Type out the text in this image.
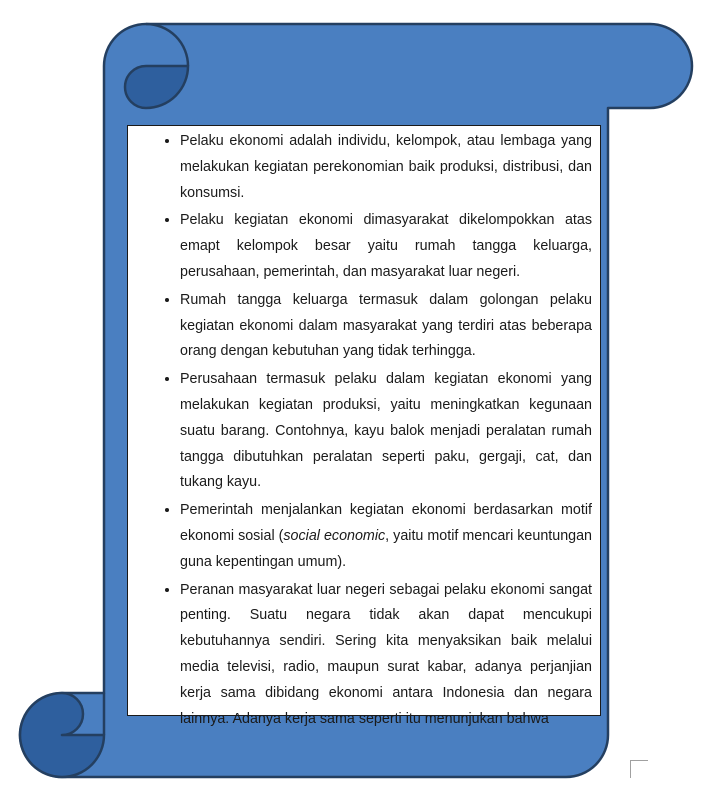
• Pelaku ekonomi adalah individu, kelompok, atau lembaga yang melakukan kegiatan perekonomian baik produksi, distribusi, dan konsumsi.
• Pelaku kegiatan ekonomi dimasyarakat dikelompokkan atas emapt kelompok besar yaitu rumah tangga keluarga, perusahaan, pemerintah, dan masyarakat luar negeri.
• Rumah tangga keluarga termasuk dalam golongan pelaku kegiatan ekonomi dalam masyarakat yang terdiri atas beberapa orang dengan kebutuhan yang tidak terhingga.
• Perusahaan termasuk pelaku dalam kegiatan ekonomi yang melakukan kegiatan produksi, yaitu meningkatkan kegunaan suatu barang. Contohnya, kayu balok menjadi peralatan rumah tangga dibutuhkan peralatan seperti paku, gergaji, cat, dan tukang kayu.
• Pemerintah menjalankan kegiatan ekonomi berdasarkan motif ekonomi sosial (social economic, yaitu motif mencari keuntungan guna kepentingan umum).
• Peranan masyarakat luar negeri sebagai pelaku ekonomi sangat penting. Suatu negara tidak akan dapat mencukupi kebutuhannya sendiri. Sering kita menyaksikan baik melalui media televisi, radio, maupun surat kabar, adanya perjanjian kerja sama dibidang ekonomi antara Indonesia dan negara lainnya. Adanya kerja sama seperti itu menunjukan bahwa
